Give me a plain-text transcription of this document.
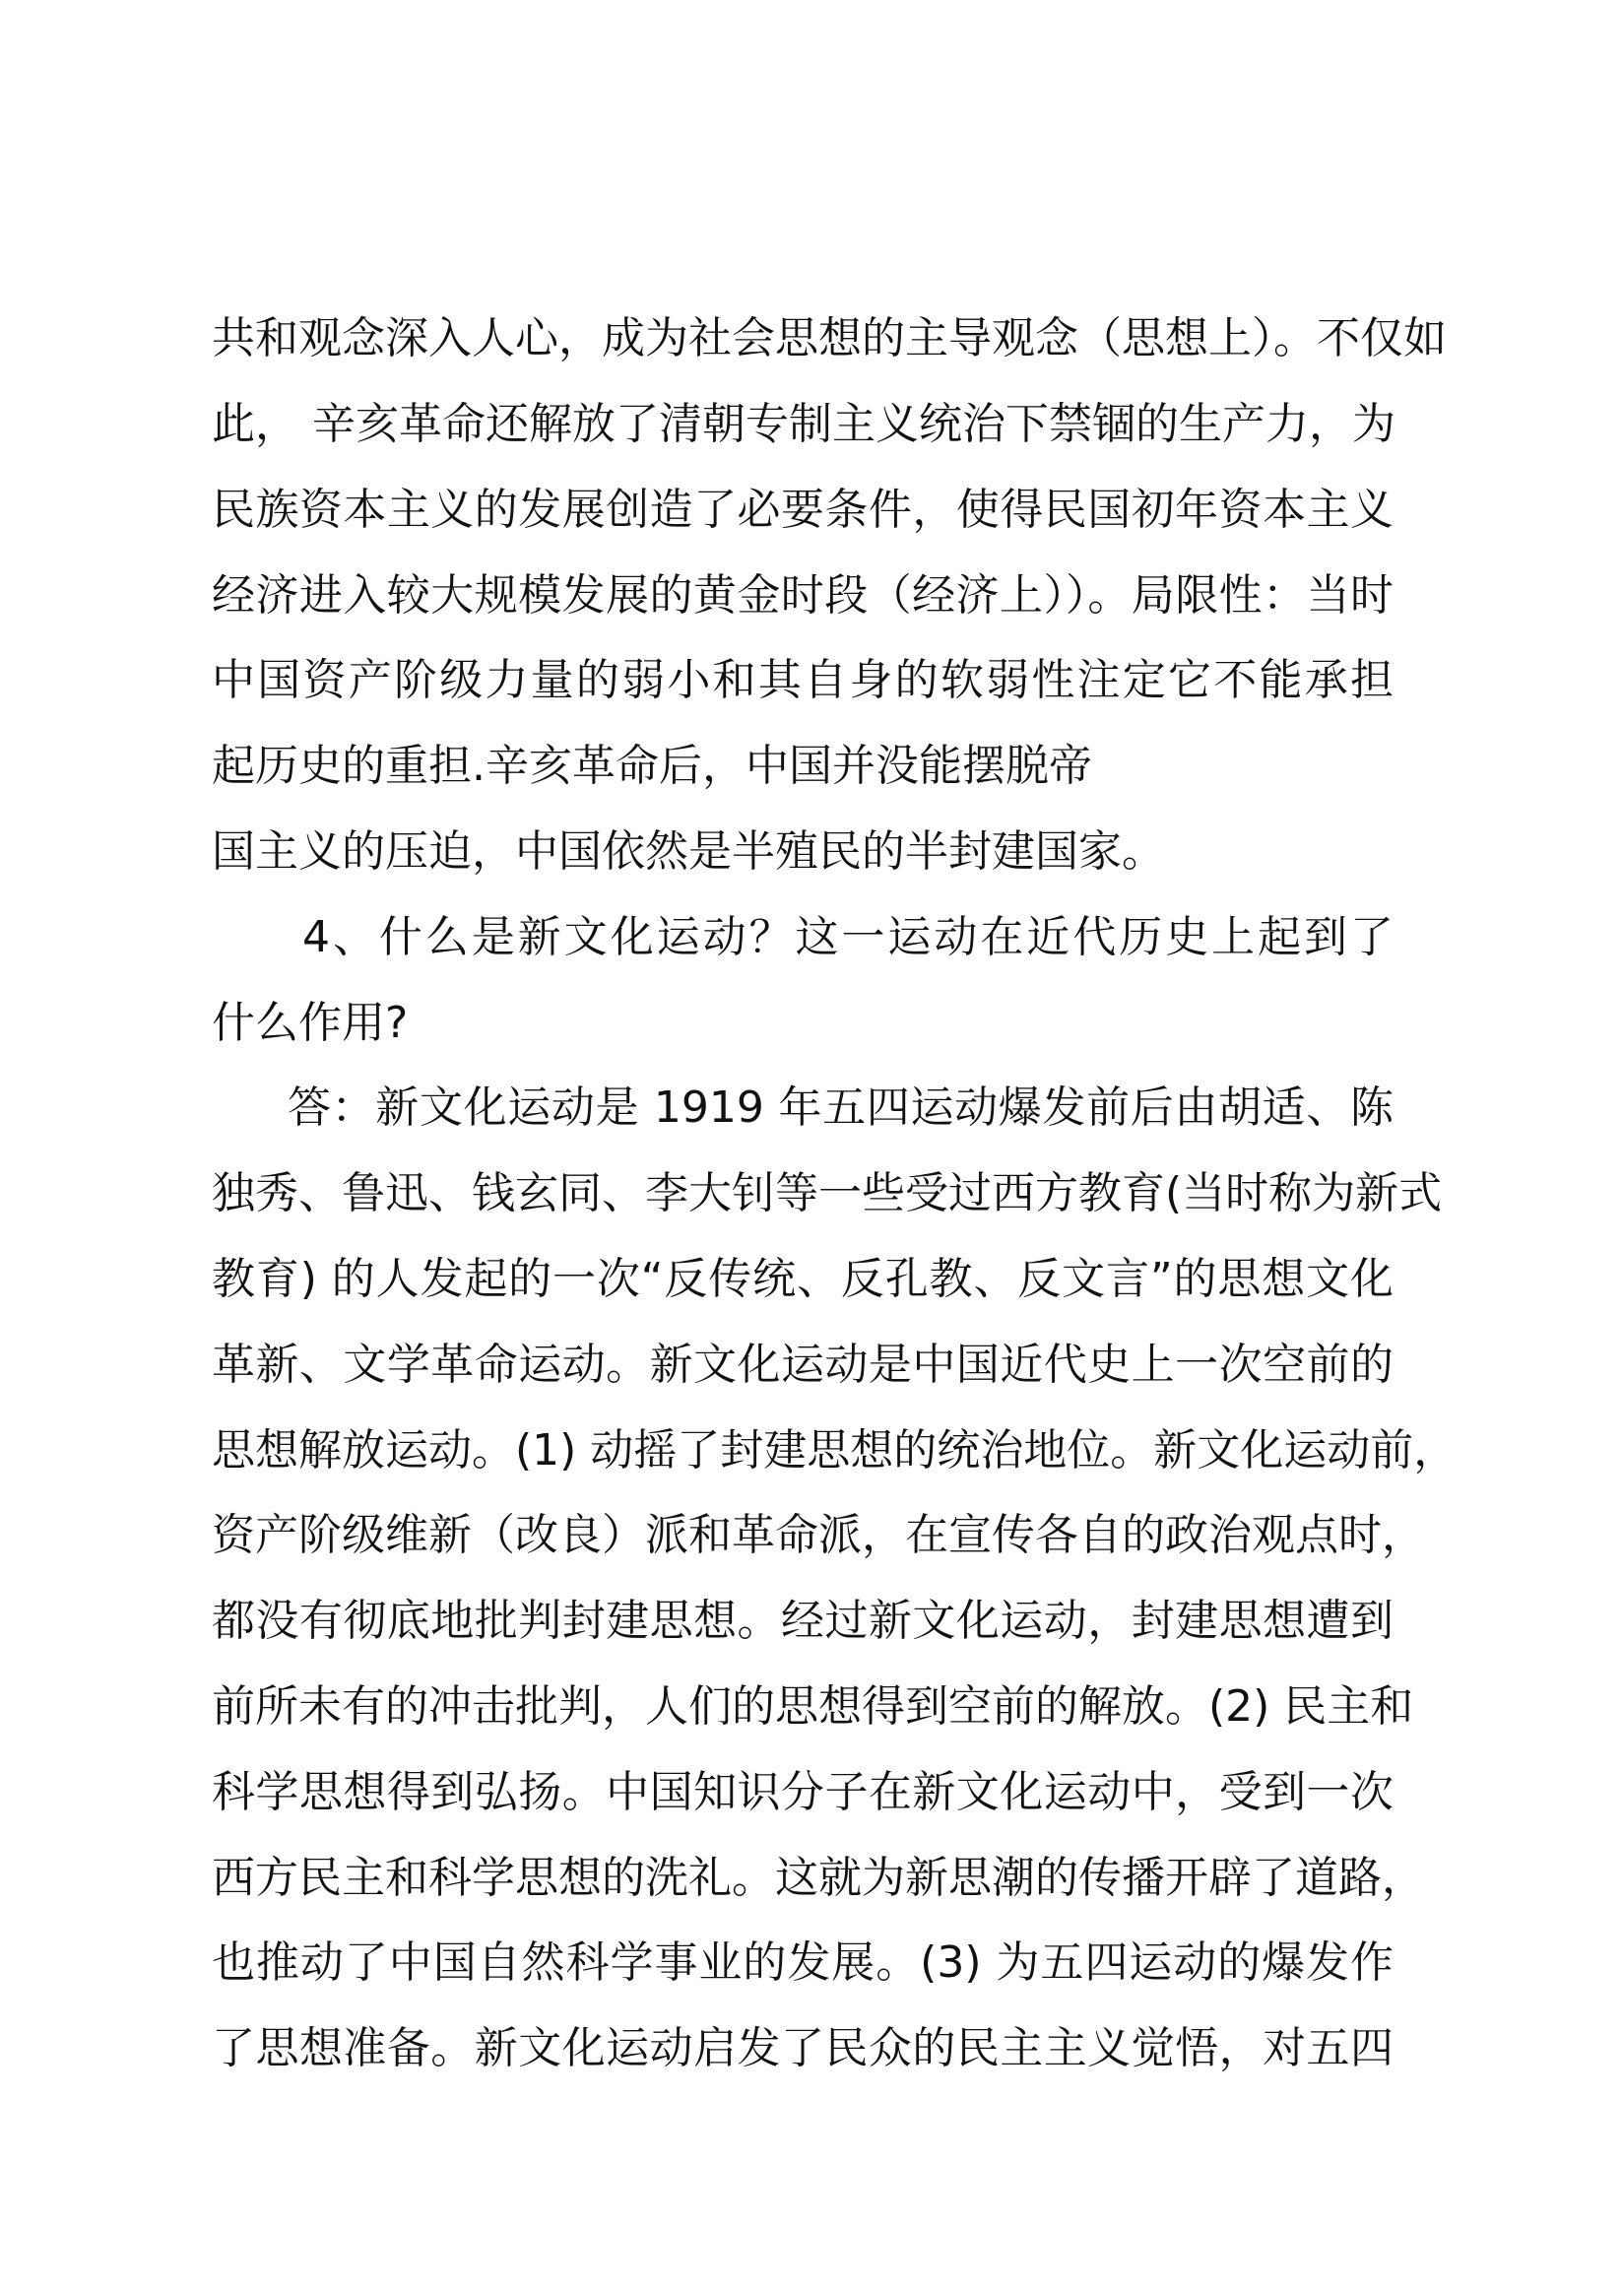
共和观念深入人心，成为社会思想的主导观念（思想上）。不仅如
此， 辛亥革命还解放了清朝专制主义统治下禁锢的生产力，为
民族资本主义的发展创造了必要条件，使得民国初年资本主义
经济进入较大规模发展的黄金时段（经济上））。局限性：当时
中国资产阶级力量的弱小和其自身的软弱性注定它不能承担
起历史的重担.辛亥革命后，中国并没能摆脱帝
国主义的压迫，中国依然是半殖民的半封建国家。
4、什么是新文化运动？这一运动在近代历史上起到了
什么作用?
答：新文化运动是 1919 年五四运动爆发前后由胡适、陈
独秀、鲁迅、钱玄同、李大钊等一些受过西方教育(当时称为新式
教育) 的人发起的一次“反传统、反孔教、反文言”的思想文化
革新、文学革命运动。新文化运动是中国近代史上一次空前的
思想解放运动。(1) 动摇了封建思想的统治地位。新文化运动前，
资产阶级维新（改良）派和革命派，在宣传各自的政治观点时，
都没有彻底地批判封建思想。经过新文化运动，封建思想遭到
前所未有的冲击批判，人们的思想得到空前的解放。(2) 民主和
科学思想得到弘扬。中国知识分子在新文化运动中，受到一次
西方民主和科学思想的洗礼。这就为新思潮的传播开辟了道路，
也推动了中国自然科学事业的发展。(3) 为五四运动的爆发作
了思想准备。新文化运动启发了民众的民主主义觉悟，对五四
